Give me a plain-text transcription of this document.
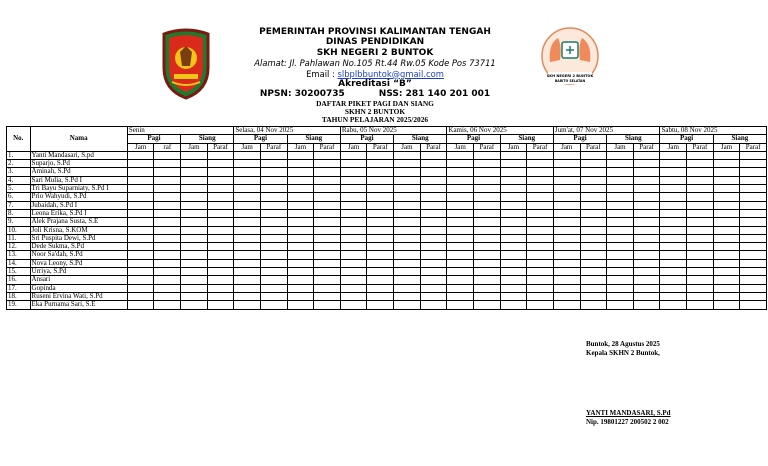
PEMERINTAH PROVINSI KALIMANTAN TENGAH
DINAS PENDIDIKAN
SKH NEGERI 2 BUNTOK
Alamat: Jl. Pahlawan No.105 Rt.44 Rw.05 Kode Pos 73711
Email : slbplbbuntok@gmail.com
Akreditasi “B”
NPSN: 30200735	NSS: 281 140 201 001
SKH NEGERI 2 BUNTOK
BARITO SELATAN
DAFTAR PIKET PAGI DAN SIANG
SKHN 2 BUNTOK
TAHUN PELAJARAN 2025/2026
No.	Nama	Senin				Selasa, 04 Nov 2025				Rabu, 05 Nov 2025				Kamis, 06 Nov 2025				Jum'at, 07 Nov 2025				Sabtu, 08 Nov 2025			
		Pagi		Siang		Pagi		Siang		Pagi		Siang		Pagi		Siang		Pagi		Siang		Pagi		Siang	
		Jam	raf	Jam	Paraf	Jam	Paraf	Jam	Paraf	Jam	Paraf	Jam	Paraf	Jam	Paraf	Jam	Paraf	Jam	Paraf	Jam	Paraf	Jam	Paraf	Jam	Paraf
1.	Yanti Mandasari, S.pd																								
2.	Suparjo, S.Pd																								
3.	Aminah, S.Pd																								
4.	Sari Mulia, S.Pd I																								
5.	Tri Bayu Suparniaty, S.Pd I																								
6.	Prio Wahyudi, S.Pd																								
7.	Jubaidah, S.Pd I																								
8.	Leona Erika, S.Pd I																								
9.	Alek Prajana Susta, S.E																								
10.	Joli Krisna, S.KOM																								
11.	Sri Puspita Dewi, S.Pd																								
12.	Dede Sukma, S.Pd																								
13.	Noor Sa'dah, S.Pd																								
14.	Nova Leony, S.Pd																								
15.	Urriya, S.Pd																								
16.	Ansari																								
17.	Gopinda																								
18.	Ruseni Ervina Wati, S.Pd																								
19.	Eka Purnama Sari, S.E																								
Buntok, 28 Agustus 2025
Kepala SKHN 2 Buntok,
YANTI MANDASARI, S.Pd
Nip. 19801227 200502 2 002
